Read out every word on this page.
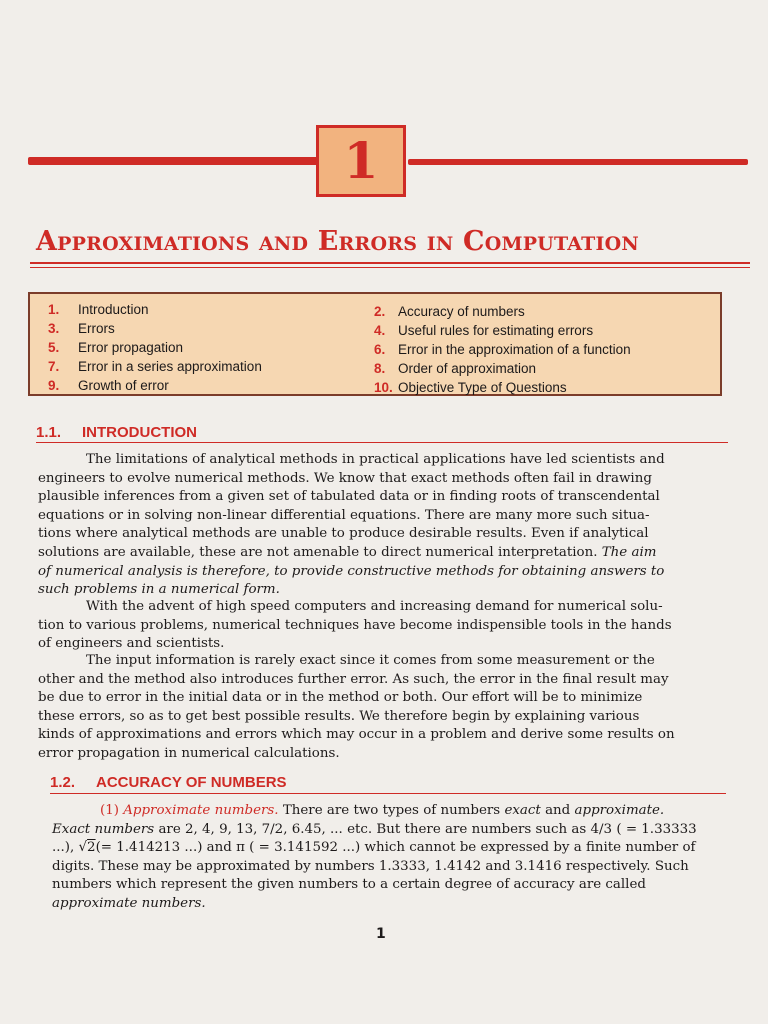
1
Approximations and Errors in Computation
1. Introduction
3. Errors
5. Error propagation
7. Error in a series approximation
9. Growth of error
2. Accuracy of numbers
4. Useful rules for estimating errors
6. Error in the approximation of a function
8. Order of approximation
10. Objective Type of Questions
1.1. INTRODUCTION
The limitations of analytical methods in practical applications have led scientists and
engineers to evolve numerical methods. We know that exact methods often fail in drawing
plausible inferences from a given set of tabulated data or in finding roots of transcendental
equations or in solving non-linear differential equations. There are many more such situa-
tions where analytical methods are unable to produce desirable results. Even if analytical
solutions are available, these are not amenable to direct numerical interpretation. The aim
of numerical analysis is therefore, to provide constructive methods for obtaining answers to
such problems in a numerical form.
With the advent of high speed computers and increasing demand for numerical solu-
tion to various problems, numerical techniques have become indispensible tools in the hands
of engineers and scientists.
The input information is rarely exact since it comes from some measurement or the
other and the method also introduces further error. As such, the error in the final result may
be due to error in the initial data or in the method or both. Our effort will be to minimize
these errors, so as to get best possible results. We therefore begin by explaining various
kinds of approximations and errors which may occur in a problem and derive some results on
error propagation in numerical calculations.
1.2. ACCURACY OF NUMBERS
(1) Approximate numbers. There are two types of numbers exact and approximate.
Exact numbers are 2, 4, 9, 13, 7/2, 6.45, ... etc. But there are numbers such as 4/3 ( = 1.33333
...), √2(= 1.414213 ...) and π ( = 3.141592 ...) which cannot be expressed by a finite number of
digits. These may be approximated by numbers 1.3333, 1.4142 and 3.1416 respectively. Such
numbers which represent the given numbers to a certain degree of accuracy are called
approximate numbers.
1
